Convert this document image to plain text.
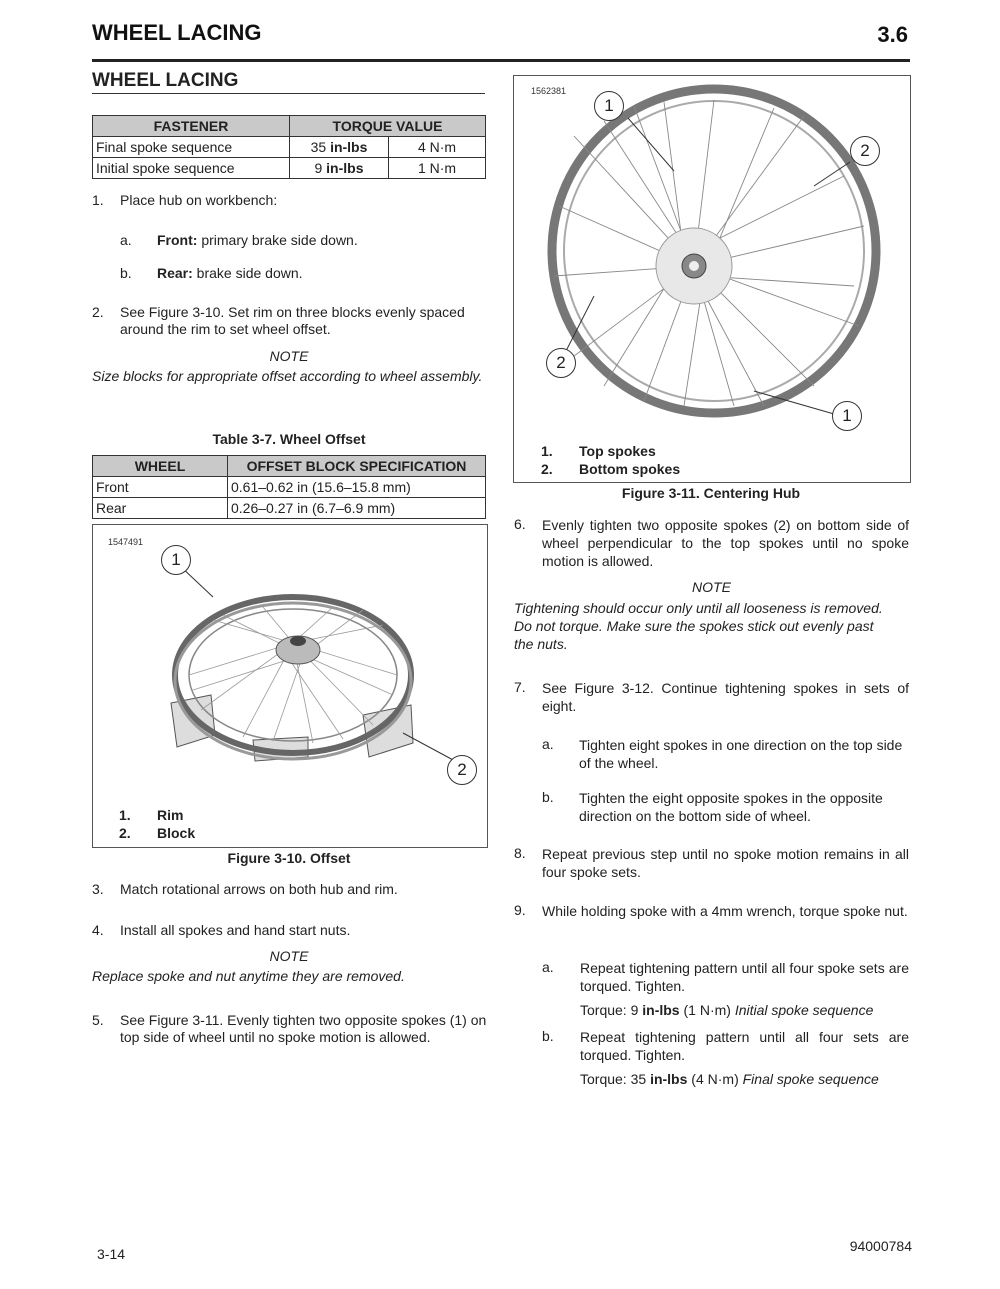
WHEEL LACING	3.6
WHEEL LACING
FASTENER	TORQUE VALUE	
Final spoke sequence	35 in-lbs	4 N·m
Initial spoke sequence	9 in-lbs	1 N·m
1. Place hub on workbench:
a. Front: primary brake side down.
b. Rear: brake side down.
2. See Figure 3-10. Set rim on three blocks evenly spaced around the rim to set wheel offset.
NOTE
Size blocks for appropriate offset according to wheel assembly.
Table 3-7. Wheel Offset
WHEEL	OFFSET BLOCK SPECIFICATION
Front	0.61–0.62 in (15.6–15.8 mm)
Rear	0.26–0.27 in (6.7–6.9 mm)
1547491
1
2
1. Rim
2. Block
Figure 3-10. Offset
3. Match rotational arrows on both hub and rim.
4. Install all spokes and hand start nuts.
NOTE
Replace spoke and nut anytime they are removed.
5. See Figure 3-11. Evenly tighten two opposite spokes (1) on top side of wheel until no spoke motion is allowed.
1562381
1
2
2
1
1. Top spokes
2. Bottom spokes
Figure 3-11. Centering Hub
6. Evenly tighten two opposite spokes (2) on bottom side of wheel perpendicular to the top spokes until no spoke motion is allowed.
NOTE
Tightening should occur only until all looseness is removed. Do not torque. Make sure the spokes stick out evenly past the nuts.
7. See Figure 3-12. Continue tightening spokes in sets of eight.
a. Tighten eight spokes in one direction on the top side of the wheel.
b. Tighten the eight opposite spokes in the opposite direction on the bottom side of wheel.
8. Repeat previous step until no spoke motion remains in all four spoke sets.
9. While holding spoke with a 4mm wrench, torque spoke nut.
a. Repeat tightening pattern until all four spoke sets are torqued. Tighten.
Torque: 9 in-lbs (1 N·m) Initial spoke sequence
b. Repeat tightening pattern until all four sets are torqued. Tighten.
Torque: 35 in-lbs (4 N·m) Final spoke sequence
3-14	94000784
